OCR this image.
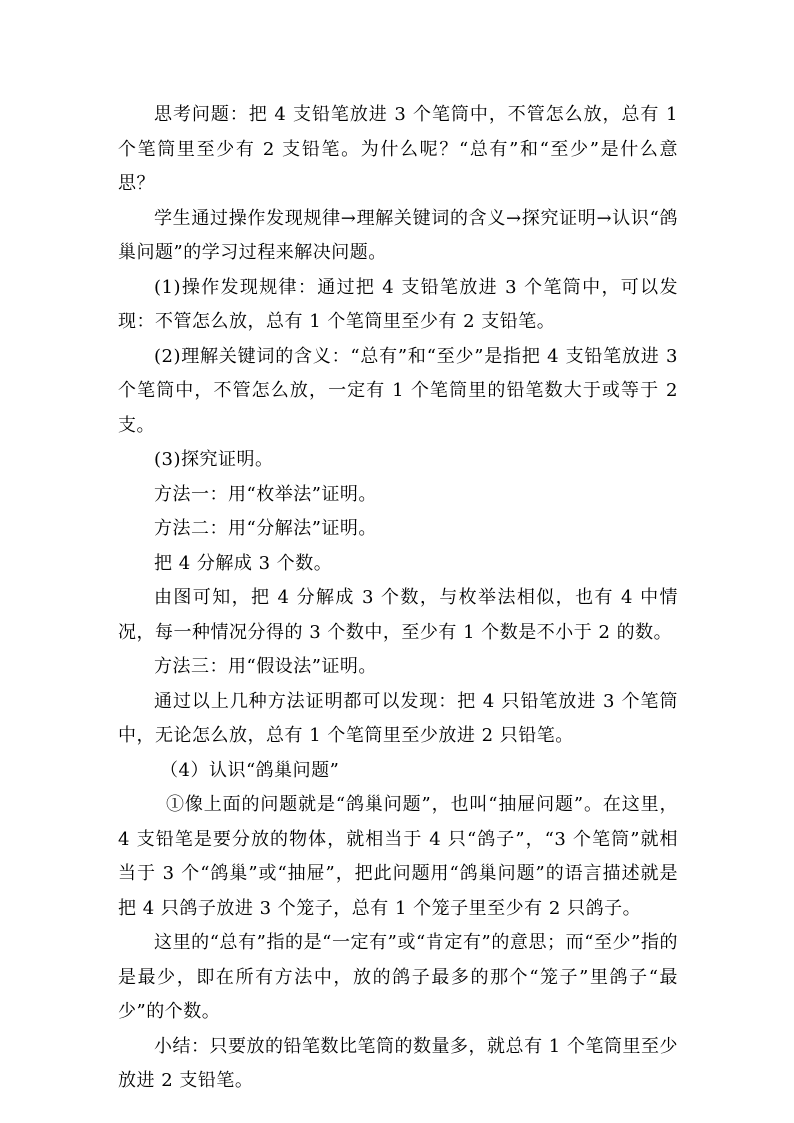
思考问题：把 4 支铅笔放进 3 个笔筒中，不管怎么放，总有 1 个笔筒里至少有 2 支铅笔。为什么呢？“总有”和“至少”是什么意思？

学生通过操作发现规律→理解关键词的含义→探究证明→认识“鸽巢问题”的学习过程来解决问题。

(1)操作发现规律：通过把 4 支铅笔放进 3 个笔筒中，可以发现：不管怎么放，总有 1 个笔筒里至少有 2 支铅笔。

(2)理解关键词的含义：“总有”和“至少”是指把 4 支铅笔放进 3 个笔筒中，不管怎么放，一定有 1 个笔筒里的铅笔数大于或等于 2 支。

(3)探究证明。

方法一：用“枚举法”证明。

方法二：用“分解法”证明。

把 4 分解成 3 个数。

由图可知，把 4 分解成 3 个数，与枚举法相似，也有 4 中情况，每一种情况分得的 3 个数中，至少有 1 个数是不小于 2 的数。

方法三：用“假设法”证明。

通过以上几种方法证明都可以发现：把 4 只铅笔放进 3 个笔筒中，无论怎么放，总有 1 个笔筒里至少放进 2 只铅笔。

（4）认识“鸽巢问题”

①像上面的问题就是“鸽巢问题”，也叫“抽屉问题”。在这里，4 支铅笔是要分放的物体，就相当于 4 只“鸽子”，“3 个笔筒”就相当于 3 个“鸽巢”或“抽屉”，把此问题用“鸽巢问题”的语言描述就是把 4 只鸽子放进 3 个笼子，总有 1 个笼子里至少有 2 只鸽子。

这里的“总有”指的是“一定有”或“肯定有”的意思；而“至少”指的是最少，即在所有方法中，放的鸽子最多的那个“笼子”里鸽子“最少”的个数。

小结：只要放的铅笔数比笔筒的数量多，就总有 1 个笔筒里至少放进 2 支铅笔。
